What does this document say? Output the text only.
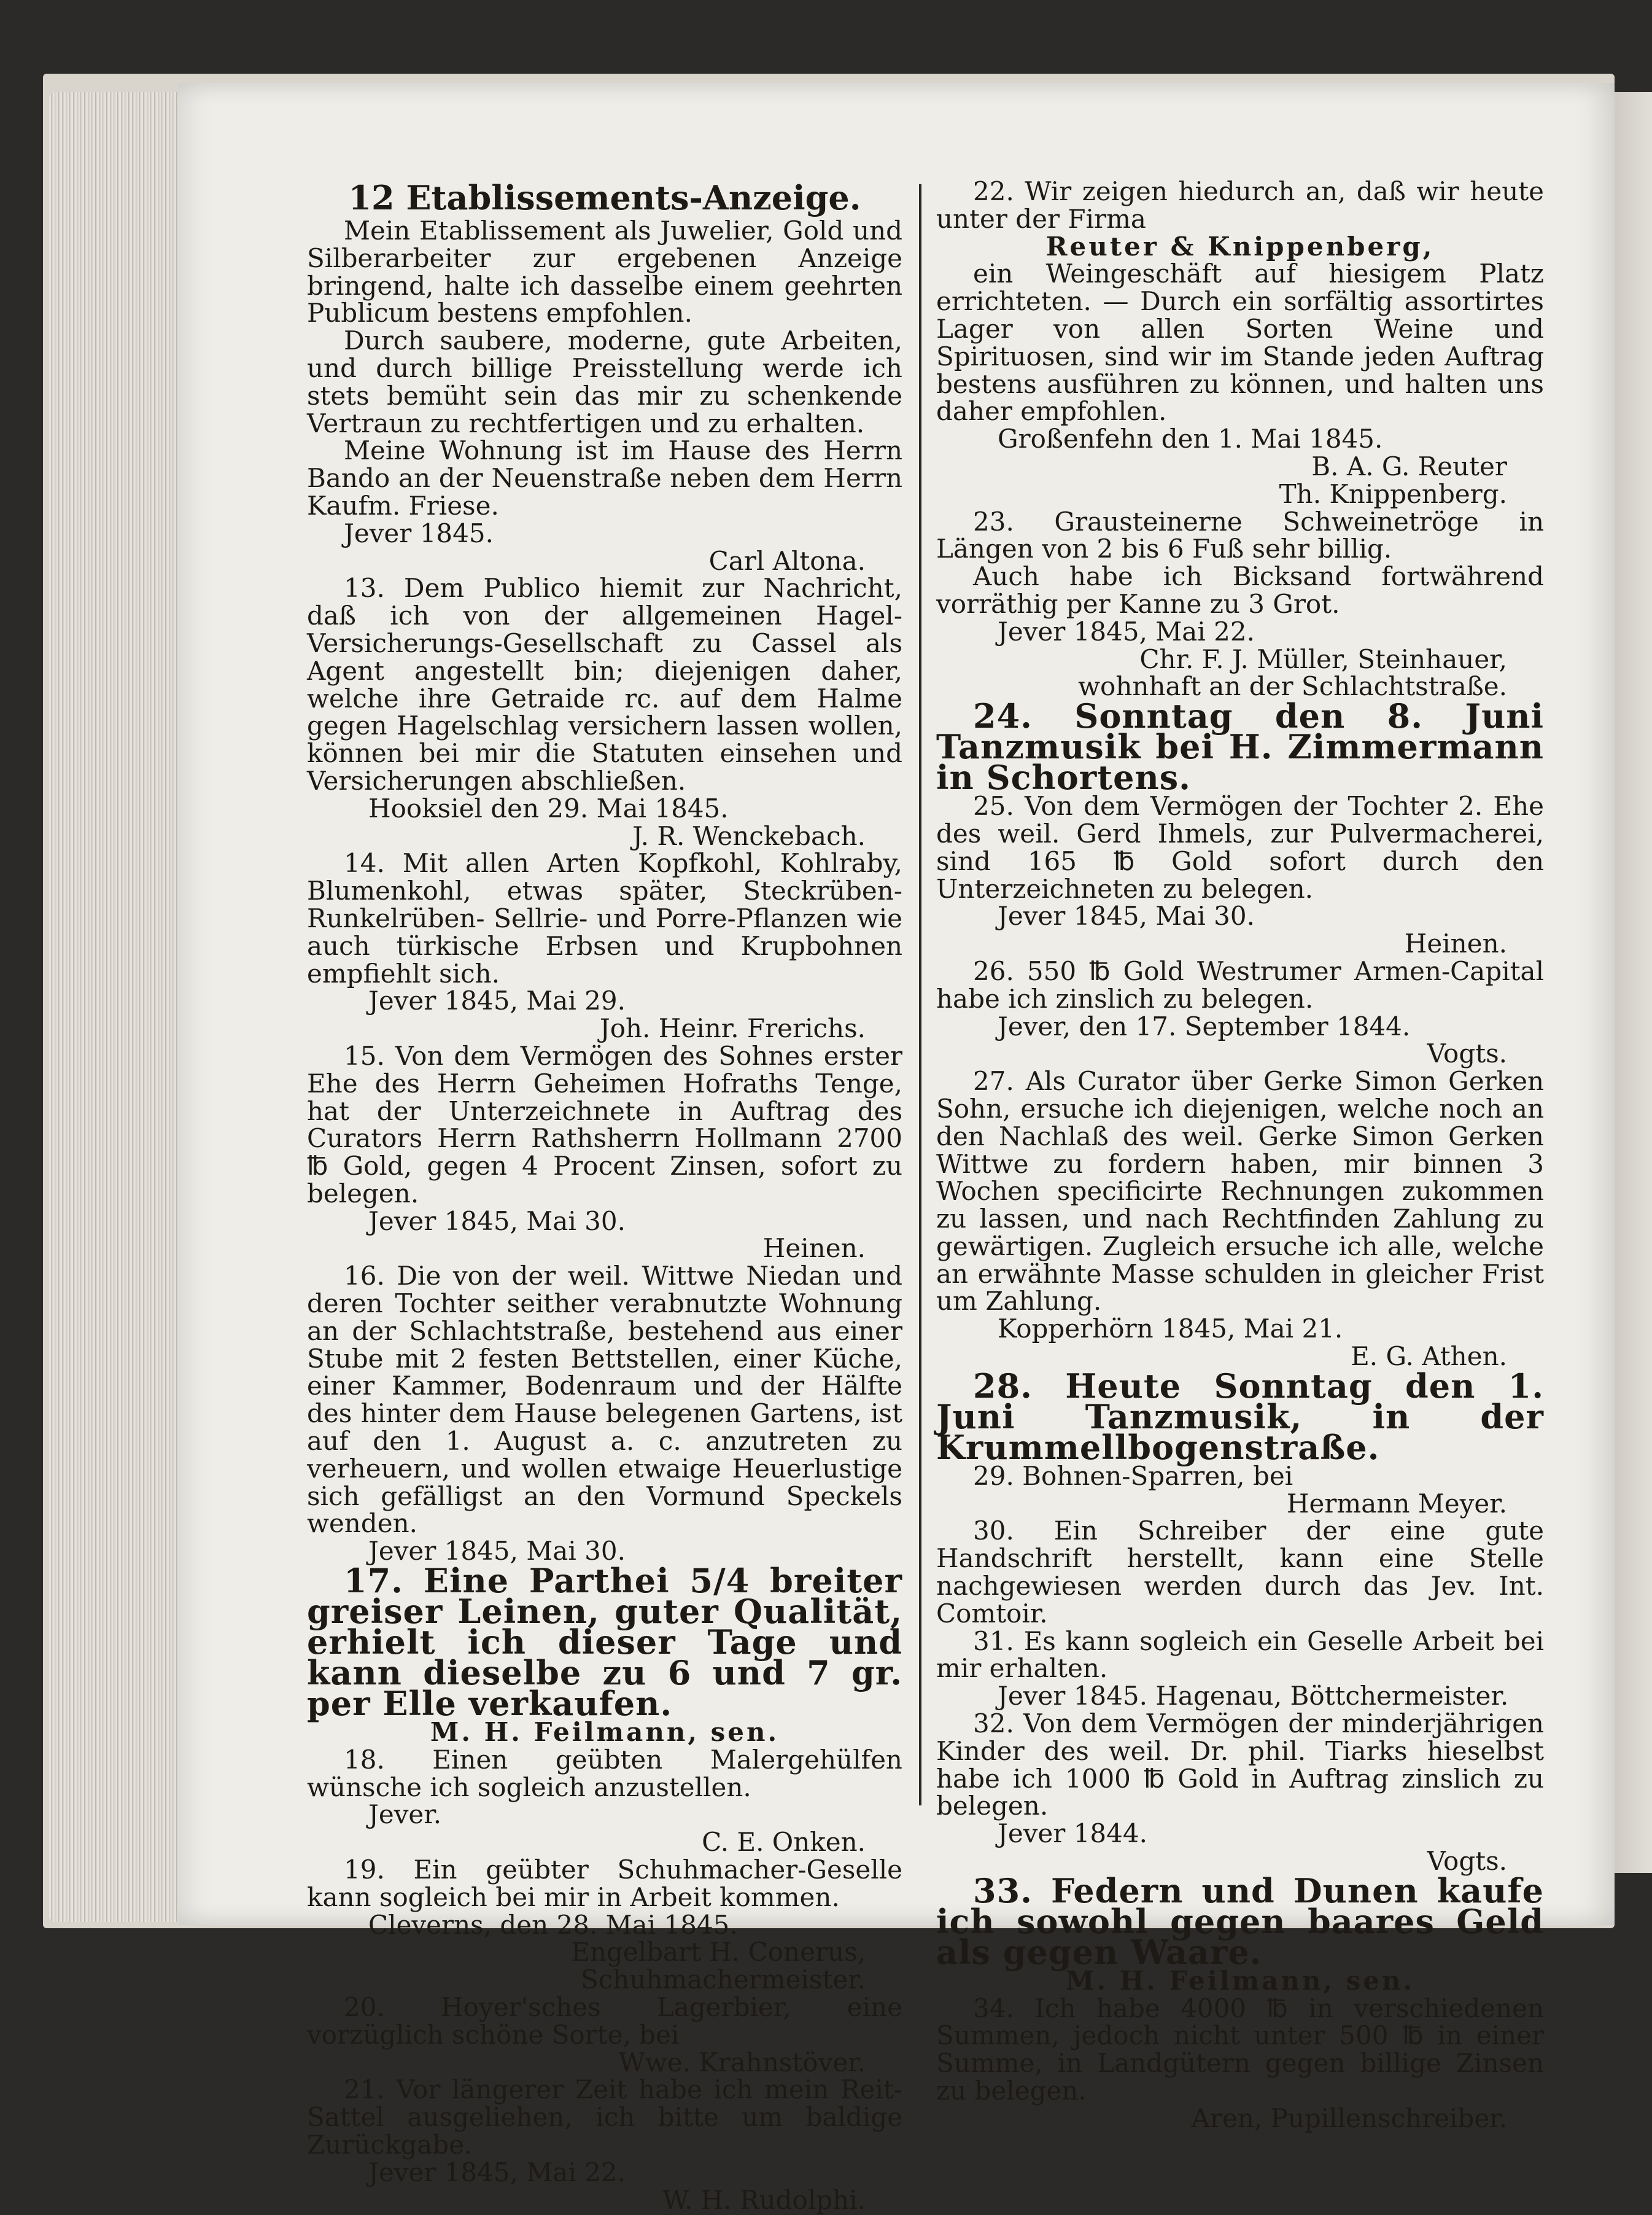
12 Etablissements-Anzeige.

Mein Etablissement als Juwelier, Gold und Silberarbeiter zur ergebenen Anzeige bringend, halte ich dasselbe einem geehrten Publicum bestens empfohlen.

Durch saubere, moderne, gute Arbeiten, und durch billige Preisstellung werde ich stets bemüht sein das mir zu schenkende Vertraun zu rechtfertigen und zu erhalten.

Meine Wohnung ist im Hause des Herrn Bando an der Neuenstraße neben dem Herrn Kaufm. Friese.

Jever 1845.

Carl Altona.

13. Dem Publico hiemit zur Nachricht, daß ich von der allgemeinen Hagel-Versicherungs-Gesellschaft zu Cassel als Agent angestellt bin; diejenigen daher, welche ihre Getraide rc. auf dem Halme gegen Hagelschlag versichern lassen wollen, können bei mir die Statuten einsehen und Versicherungen abschließen.

Hooksiel den 29. Mai 1845.

J. R. Wenckebach.

14. Mit allen Arten Kopfkohl, Kohlraby, Blumenkohl, etwas später, Steckrüben- Runkelrüben- Sellrie- und Porre-Pflanzen wie auch türkische Erbsen und Krupbohnen empfiehlt sich.

Jever 1845, Mai 29.

Joh. Heinr. Frerichs.

15. Von dem Vermögen des Sohnes erster Ehe des Herrn Geheimen Hofraths Tenge, hat der Unterzeichnete in Auftrag des Curators Herrn Rathsherrn Hollmann 2700 ℔ Gold, gegen 4 Procent Zinsen, sofort zu belegen.

Jever 1845, Mai 30.

Heinen.

16. Die von der weil. Wittwe Niedan und deren Tochter seither verabnutzte Wohnung an der Schlachtstraße, bestehend aus einer Stube mit 2 festen Bettstellen, einer Küche, einer Kammer, Bodenraum und der Hälfte des hinter dem Hause belegenen Gartens, ist auf den 1. August a. c. anzutreten zu verheuern, und wollen etwaige Heuerlustige sich gefälligst an den Vormund Speckels wenden.

Jever 1845, Mai 30.

17. Eine Parthei 5/4 breiter greiser Leinen, guter Qualität, erhielt ich dieser Tage und kann dieselbe zu 6 und 7 gr. per Elle verkaufen.

M. H. Feilmann, sen.

18. Einen geübten Malergehülfen wünsche ich sogleich anzustellen.

Jever.

C. E. Onken.

19. Ein geübter Schuhmacher-Geselle kann sogleich bei mir in Arbeit kommen.

Cleverns, den 28. Mai 1845.

Engelbart H. Conerus,

Schuhmachermeister.

20. Hoyer'sches Lagerbier, eine vorzüglich schöne Sorte, bei

Wwe. Krahnstöver.

21. Vor längerer Zeit habe ich mein Reit-Sattel ausgeliehen, ich bitte um baldige Zurückgabe.

Jever 1845, Mai 22.

W. H. Rudolphi.

22. Wir zeigen hiedurch an, daß wir heute unter der Firma

Reuter & Knippenberg,

ein Weingeschäft auf hiesigem Platz errichteten. — Durch ein sorfältig assortirtes Lager von allen Sorten Weine und Spirituosen, sind wir im Stande jeden Auftrag bestens ausführen zu können, und halten uns daher empfohlen.

Großenfehn den 1. Mai 1845.

B. A. G. Reuter

Th. Knippenberg.

23. Grausteinerne Schweinetröge in Längen von 2 bis 6 Fuß sehr billig.

Auch habe ich Bicksand fortwährend vorräthig per Kanne zu 3 Grot.

Jever 1845, Mai 22.

Chr. F. J. Müller, Steinhauer,

wohnhaft an der Schlachtstraße.

24. Sonntag den 8. Juni Tanzmusik bei H. Zimmermann in Schortens.

25. Von dem Vermögen der Tochter 2. Ehe des weil. Gerd Ihmels, zur Pulvermacherei, sind 165 ℔ Gold sofort durch den Unterzeichneten zu belegen.

Jever 1845, Mai 30.

Heinen.

26. 550 ℔ Gold Westrumer Armen-Capital habe ich zinslich zu belegen.

Jever, den 17. September 1844.

Vogts.

27. Als Curator über Gerke Simon Gerken Sohn, ersuche ich diejenigen, welche noch an den Nachlaß des weil. Gerke Simon Gerken Wittwe zu fordern haben, mir binnen 3 Wochen specificirte Rechnungen zukommen zu lassen, und nach Rechtfinden Zahlung zu gewärtigen. Zugleich ersuche ich alle, welche an erwähnte Masse schulden in gleicher Frist um Zahlung.

Kopperhörn 1845, Mai 21.

E. G. Athen.

28. Heute Sonntag den 1. Juni Tanzmusik, in der Krummellbogenstraße.

29. Bohnen-Sparren, bei

Hermann Meyer.

30. Ein Schreiber der eine gute Handschrift herstellt, kann eine Stelle nachgewiesen werden durch das Jev. Int. Comtoir.

31. Es kann sogleich ein Geselle Arbeit bei mir erhalten.

Jever 1845. Hagenau, Böttchermeister.

32. Von dem Vermögen der minderjährigen Kinder des weil. Dr. phil. Tiarks hieselbst habe ich 1000 ℔ Gold in Auftrag zinslich zu belegen.

Jever 1844.

Vogts.

33. Federn und Dunen kaufe ich sowohl gegen baares Geld als gegen Waare.

M. H. Feilmann, sen.

34. Ich habe 4000 ℔ in verschiedenen Summen, jedoch nicht unter 500 ℔ in einer Summe, in Landgütern gegen billige Zinsen zu belegen.

Aren, Pupillenschreiber.
